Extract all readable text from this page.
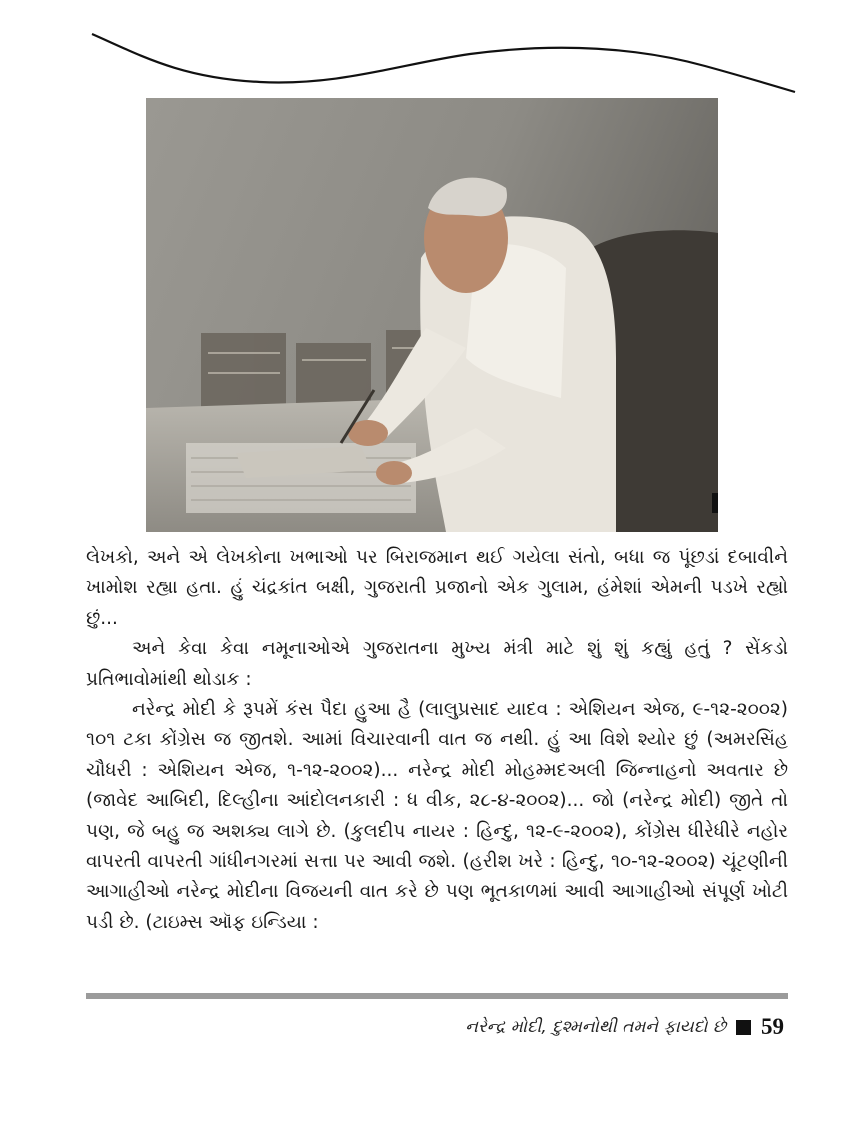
લેખકો, અને એ લેખકોના ખભાઓ પર બિરાજમાન થઈ ગયેલા સંતો, બધા જ પૂંછડાં દબાવીને ખામોશ રહ્યા હતા. હું ચંદ્રકાંત બક્ષી, ગુજરાતી પ્રજાનો એક ગુલામ, હંમેશાં એમની પડખે રહ્યો છું...

અને કેવા કેવા નમૂનાઓએ ગુજરાતના મુખ્ય મંત્રી માટે શું શું કહ્યું હતું ? સેંકડો પ્રતિભાવોમાંથી થોડાક :

નરેન્દ્ર મોદી કે રૂપમેં કંસ પૈદા હુઆ હૈ (લાલુપ્રસાદ યાદવ : એશિયન એજ, ૯-૧૨-૨૦૦૨) ૧૦૧ ટકા કોંગ્રેસ જ જીતશે. આમાં વિચારવાની વાત જ નથી. હું આ વિશે શ્યોર છું (અમરસિંહ ચૌધરી : એશિયન એજ, ૧-૧૨-૨૦૦૨)... નરેન્દ્ર મોદી મોહમ્મદઅલી જિન્નાહનો અવતાર છે (જાવેદ આબિદી, દિલ્હીના આંદોલનકારી : ધ વીક, ૨૮-૪-૨૦૦૨)... જો (નરેન્દ્ર મોદી) જીતે તો પણ, જે બહુ જ અશક્ય લાગે છે. (કુલદીપ નાયર : હિન્દુ, ૧૨-૯-૨૦૦૨), કોંગ્રેસ ધીરેધીરે નહોર વાપરતી વાપરતી ગાંધીનગરમાં સત્તા પર આવી જશે. (હરીશ ખરે : હિન્દુ, ૧૦-૧૨-૨૦૦૨) ચૂંટણીની આગાહીઓ નરેન્દ્ર મોદીના વિજયની વાત કરે છે પણ ભૂતકાળમાં આવી આગાહીઓ સંપૂર્ણ ખોટી પડી છે. (ટાઇમ્સ ઑફ ઇન્ડિયા :

નરેન્દ્ર મોદી, દુશ્મનોથી તમને ફાયદો છે 59
